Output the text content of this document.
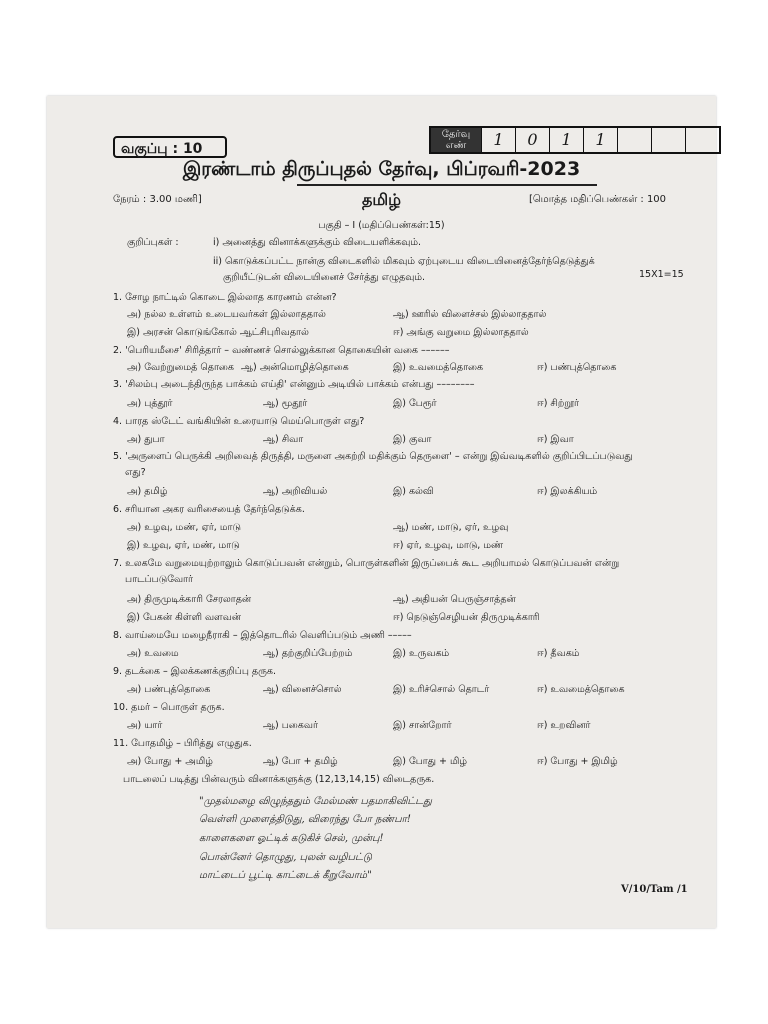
வகுப்பு : 10
தேர்வு
எண்	1	0	1	1
இரண்டாம் திருப்புதல் தேர்வு, பிப்ரவரி-2023
நேரம் : 3.00 மணி]	தமிழ்	[மொத்த மதிப்பெண்கள் : 100
பகுதி – I (மதிப்பெண்கள்:15)
குறிப்புகள் :	i) அனைத்து வினாக்களுக்கும் விடையளிக்கவும்.
ii) கொடுக்கப்பட்ட நான்கு விடைகளில் மிகவும் ஏற்புடைய விடையினைத்தேர்ந்தெடுத்துக்
குறியீட்டுடன் விடையினைச் சேர்த்து எழுதவும்.	15X1=15
1. சோழ நாட்டில் கொடை இல்லாத காரணம் என்ன?
அ) நல்ல உள்ளம் உடையவர்கள் இல்லாததால்	ஆ) ஊரில் விளைச்சல் இல்லாததால்
இ) அரசன் கொடுங்கோல் ஆட்சிபுரிவதால்	ஈ) அங்கு வறுமை இல்லாததால்
2. 'பெரியமீசை' சிரித்தார் – வண்ணச் சொல்லுக்கான தொகையின் வகை ––––––
அ) வேற்றுமைத் தொகை ஆ) அன்மொழித்தொகை	இ) உவமைத்தொகை	ஈ) பண்புத்தொகை
3. 'சிலம்பு அடைந்திருந்த பாக்கம் எய்தி' என்னும் அடியில் பாக்கம் என்பது ––––––––
அ) புத்தூர்	ஆ) மூதூர்	இ) பேரூர்	ஈ) சிற்றூர்
4. பாரத ஸ்டேட் வங்கியின் உரையாடு மெய்பொருள் எது?
அ) துபா	ஆ) சிவா	இ) குவா	ஈ) இவா
5. 'அருளைப் பெருக்கி அறிவைத் திருத்தி, மருளை அகற்றி மதிக்கும் தெருளை' – என்று இவ்வடிகளில் குறிப்பிடப்படுவது
எது?
அ) தமிழ்	ஆ) அறிவியல்	இ) கல்வி	ஈ) இலக்கியம்
6. சரியான அகர வரிசையைத் தேர்ந்தெடுக்க.
அ) உழவு, மண், ஏர், மாடு	ஆ) மண், மாடு, ஏர், உழவு
இ) உழவு, ஏர், மண், மாடு	ஈ) ஏர், உழவு, மாடு, மண்
7. உலகமே வறுமையுற்றாலும் கொடுப்பவன் என்றும், பொருள்களின் இருப்பைக் கூட அறியாமல் கொடுப்பவன் என்று
பாடப்படுவோர்
அ) திருமுடிக்காரி சேரலாதன்	ஆ) அதியன் பெருஞ்சாத்தன்
இ) பேகன் கிள்ளி வளவன்	ஈ) நெடுஞ்செழியன் திருமுடிக்காரி
8. வாய்மையே மழைநீராகி – இத்தொடரில் வெளிப்படும் அணி –––––
அ) உவமை	ஆ) தற்குறிப்பேற்றம்	இ) உருவகம்	ஈ) தீவகம்
9. தடக்கை – இலக்கணக்குறிப்பு தருக.
அ) பண்புத்தொகை	ஆ) வினைச்சொல்	இ) உரிச்சொல் தொடர்	ஈ) உவமைத்தொகை
10. தமர் – பொருள் தருக.
அ) யார்	ஆ) பகைவர்	இ) சான்றோர்	ஈ) உறவினர்
11. போதமிழ் – பிரித்து எழுதுக.
அ) போது + அமிழ்	ஆ) போ + தமிழ்	இ) போது + மிழ்	ஈ) போது + இமிழ்
பாடலைப் படித்து பின்வரும் வினாக்களுக்கு (12,13,14,15) விடைதருக.
"முதல்மழை விழுந்ததும் மேல்மண் பதமாகிவிட்டது
வெள்ளி முளைத்திடுது, விரைந்து போ நண்பா!
காளைகளை ஓட்டிக் கடுகிச் செல், முன்பு!
பொன்னேர் தொழுது, புலன் வழிபட்டு
மாட்டைப் பூட்டி காட்டைக் கீறுவோம்"
V/10/Tam /1
